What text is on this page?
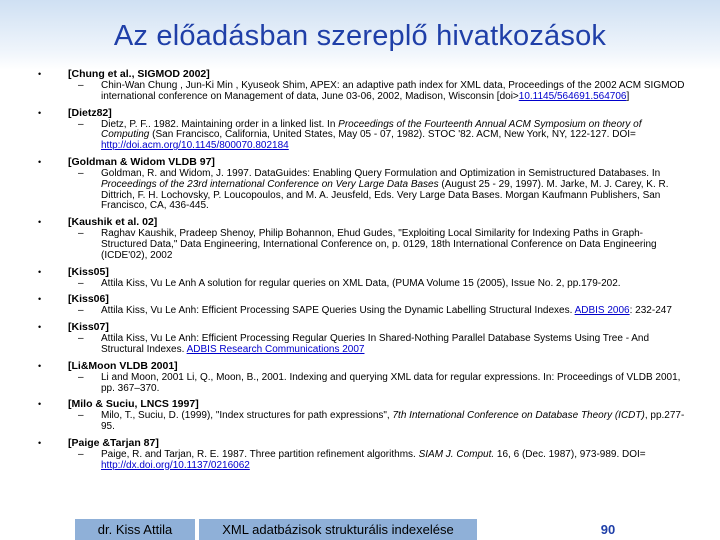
Az előadásban szereplő hivatkozások
•	[Chung et al., SIGMOD 2002]
– Chin-Wan Chung , Jun-Ki Min , Kyuseok Shim, APEX: an adaptive path index for XML data, Proceedings of the 2002 ACM SIGMOD international conference on Management of data, June 03-06, 2002, Madison, Wisconsin [doi>10.1145/564691.564706]
•	[Dietz82]
– Dietz, P. F.. 1982. Maintaining order in a linked list. In Proceedings of the Fourteenth Annual ACM Symposium on theory of Computing (San Francisco, California, United States, May 05 - 07, 1982). STOC '82. ACM, New York, NY, 122-127. DOI= http://doi.acm.org/10.1145/800070.802184
•	[Goldman & Widom VLDB 97]
– Goldman, R. and Widom, J. 1997. DataGuides: Enabling Query Formulation and Optimization in Semistructured Databases. In Proceedings of the 23rd international Conference on Very Large Data Bases (August 25 - 29, 1997). M. Jarke, M. J. Carey, K. R. Dittrich, F. H. Lochovsky, P. Loucopoulos, and M. A. Jeusfeld, Eds. Very Large Data Bases. Morgan Kaufmann Publishers, San Francisco, CA, 436-445.
•	[Kaushik et al. 02]
– Raghav Kaushik, Pradeep Shenoy, Philip Bohannon, Ehud Gudes, "Exploiting Local Similarity for Indexing Paths in Graph-Structured Data," Data Engineering, International Conference on, p. 0129, 18th International Conference on Data Engineering (ICDE'02), 2002
•	[Kiss05]
– Attila Kiss, Vu Le Anh A solution for regular queries on XML Data, (PUMA Volume 15 (2005), Issue No. 2, pp.179-202.
•	[Kiss06]
– Attila Kiss, Vu Le Anh: Efficient Processing SAPE Queries Using the Dynamic Labelling Structural Indexes. ADBIS 2006: 232-247
•	[Kiss07]
– Attila Kiss, Vu Le Anh: Efficient Processing Regular Queries In Shared-Nothing Parallel Database Systems Using Tree - And Structural Indexes. ADBIS Research Communications 2007
•	[Li&Moon VLDB 2001]
– Li and Moon, 2001 Li, Q., Moon, B., 2001. Indexing and querying XML data for regular expressions. In: Proceedings of VLDB 2001, pp. 367–370.
•	[Milo & Suciu, LNCS 1997]
– Milo, T., Suciu, D. (1999), "Index structures for path expressions", 7th International Conference on Database Theory (ICDT), pp.277-95.
•	[Paige &Tarjan 87]
– Paige, R. and Tarjan, R. E. 1987. Three partition refinement algorithms. SIAM J. Comput. 16, 6 (Dec. 1987), 973-989. DOI= http://dx.doi.org/10.1137/0216062
dr. Kiss Attila	XML adatbázisok strukturális indexelése	90
